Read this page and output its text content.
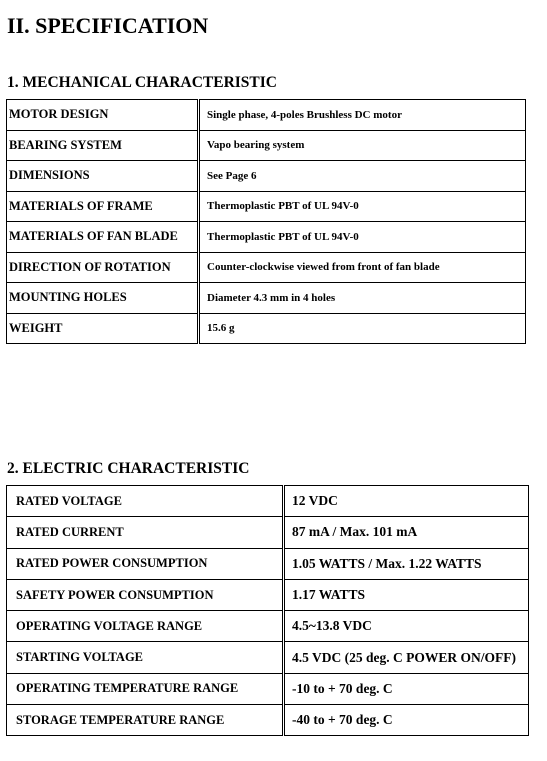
II. SPECIFICATION
1. MECHANICAL CHARACTERISTIC
MOTOR DESIGN	Single phase, 4-poles Brushless DC motor
BEARING SYSTEM	Vapo bearing system
DIMENSIONS	See Page 6
MATERIALS OF FRAME	Thermoplastic PBT of UL 94V-0
MATERIALS OF FAN BLADE	Thermoplastic PBT of UL 94V-0
DIRECTION OF ROTATION	Counter-clockwise viewed from front of fan blade
MOUNTING HOLES	Diameter 4.3 mm in 4 holes
WEIGHT	15.6 g
2. ELECTRIC CHARACTERISTIC
RATED VOLTAGE	12 VDC
RATED CURRENT	87 mA / Max. 101 mA
RATED POWER CONSUMPTION	1.05 WATTS / Max. 1.22 WATTS
SAFETY POWER CONSUMPTION	1.17 WATTS
OPERATING VOLTAGE RANGE	4.5~13.8 VDC
STARTING VOLTAGE	4.5 VDC (25 deg. C POWER ON/OFF)
OPERATING TEMPERATURE RANGE	-10 to + 70 deg. C
STORAGE TEMPERATURE RANGE	-40 to + 70 deg. C
